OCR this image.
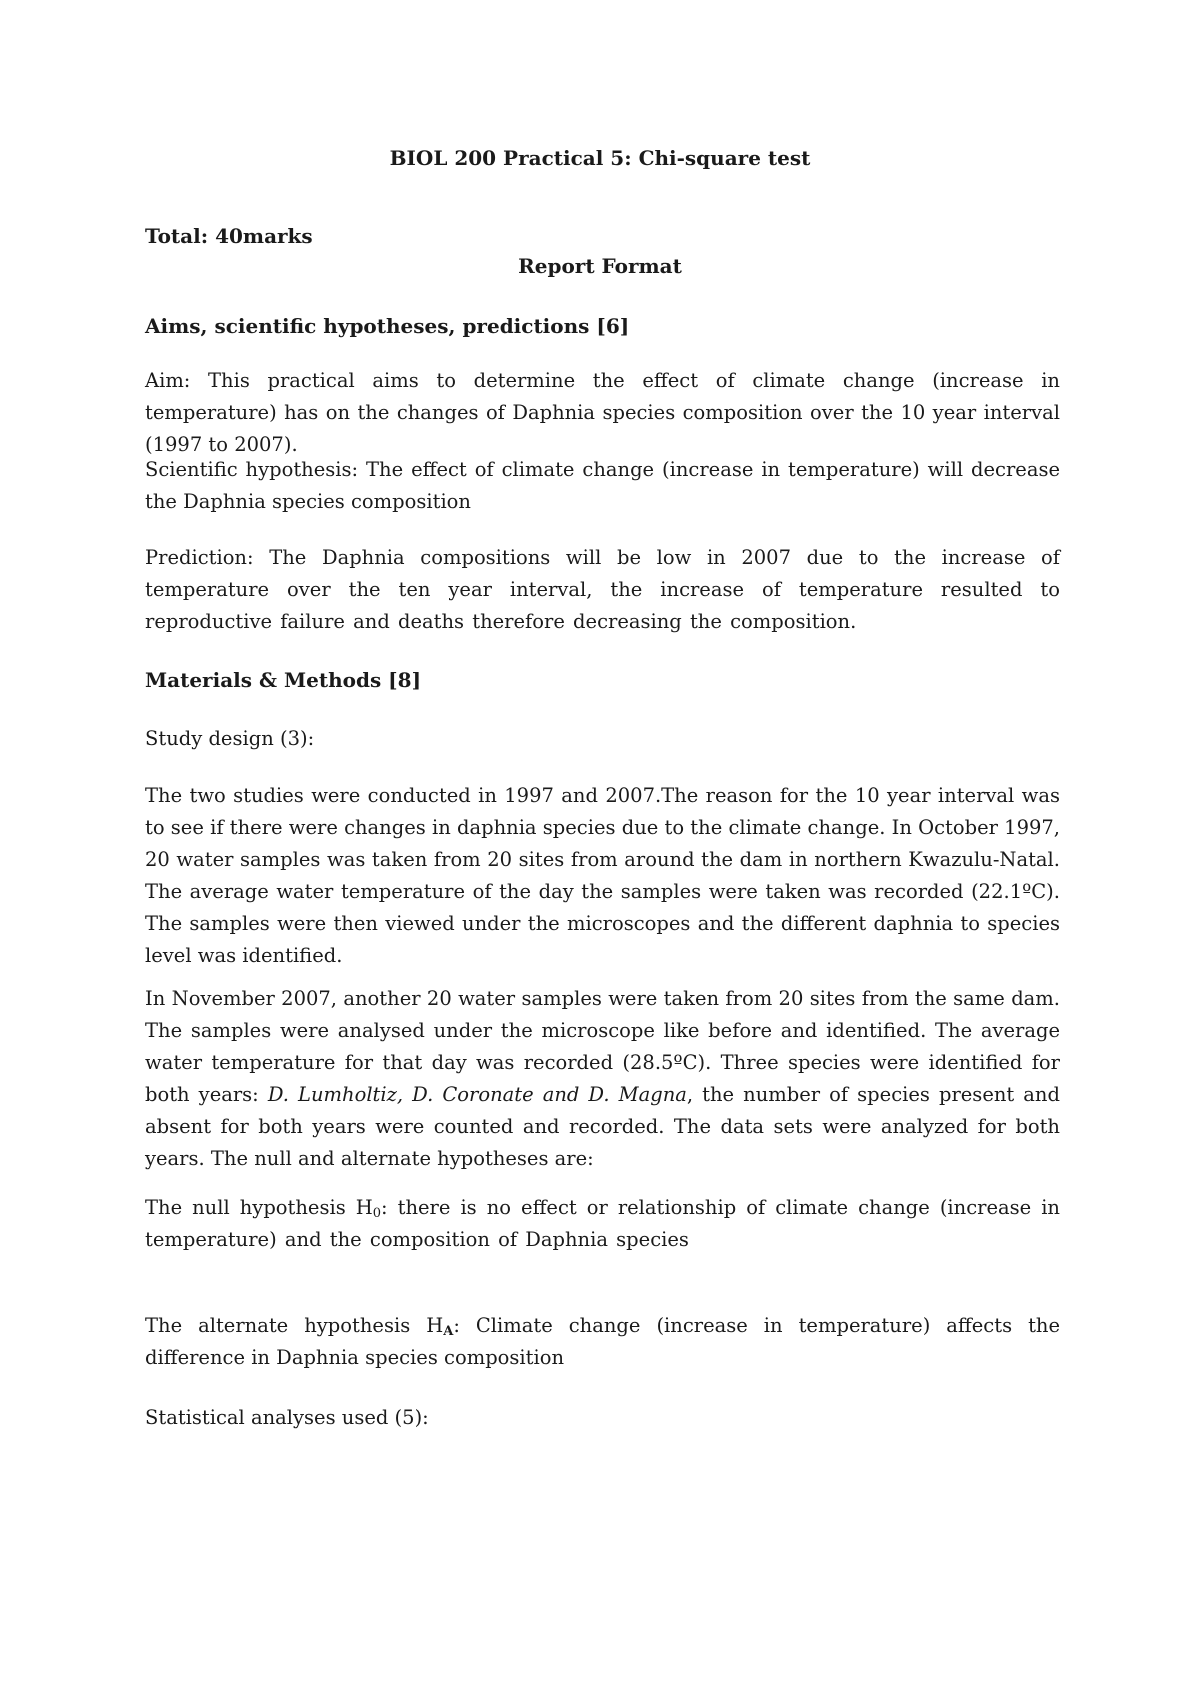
BIOL 200 Practical 5: Chi-square test
Total: 40marks
Report Format
Aims, scientific hypotheses, predictions [6]

Aim: This practical aims to determine the effect of climate change (increase in temperature) has on the changes of Daphnia species composition over the 10 year interval (1997 to 2007).

Scientific hypothesis: The effect of climate change (increase in temperature) will decrease the Daphnia species composition

Prediction: The Daphnia compositions will be low in 2007 due to the increase of temperature over the ten year interval, the increase of temperature resulted to reproductive failure and deaths therefore decreasing the composition.

Materials & Methods [8]
Study design (3):

The two studies were conducted in 1997 and 2007.The reason for the 10 year interval was to see if there were changes in daphnia species due to the climate change. In October 1997, 20 water samples was taken from 20 sites from around the dam in northern Kwazulu-Natal. The average water temperature of the day the samples were taken was recorded (22.1ºC). The samples were then viewed under the microscopes and the different daphnia to species level was identified.

In November 2007, another 20 water samples were taken from 20 sites from the same dam. The samples were analysed under the microscope like before and identified. The average water temperature for that day was recorded (28.5ºC). Three species were identified for both years: D. Lumholtiz, D. Coronate and D. Magna, the number of species present and absent for both years were counted and recorded. The data sets were analyzed for both years. The null and alternate hypotheses are:

The null hypothesis $H_0$: there is no effect or relationship of climate change (increase in temperature) and the composition of Daphnia species

The alternate hypothesis $H_A$: Climate change (increase in temperature) affects the difference in Daphnia species composition

Statistical analyses used (5):
